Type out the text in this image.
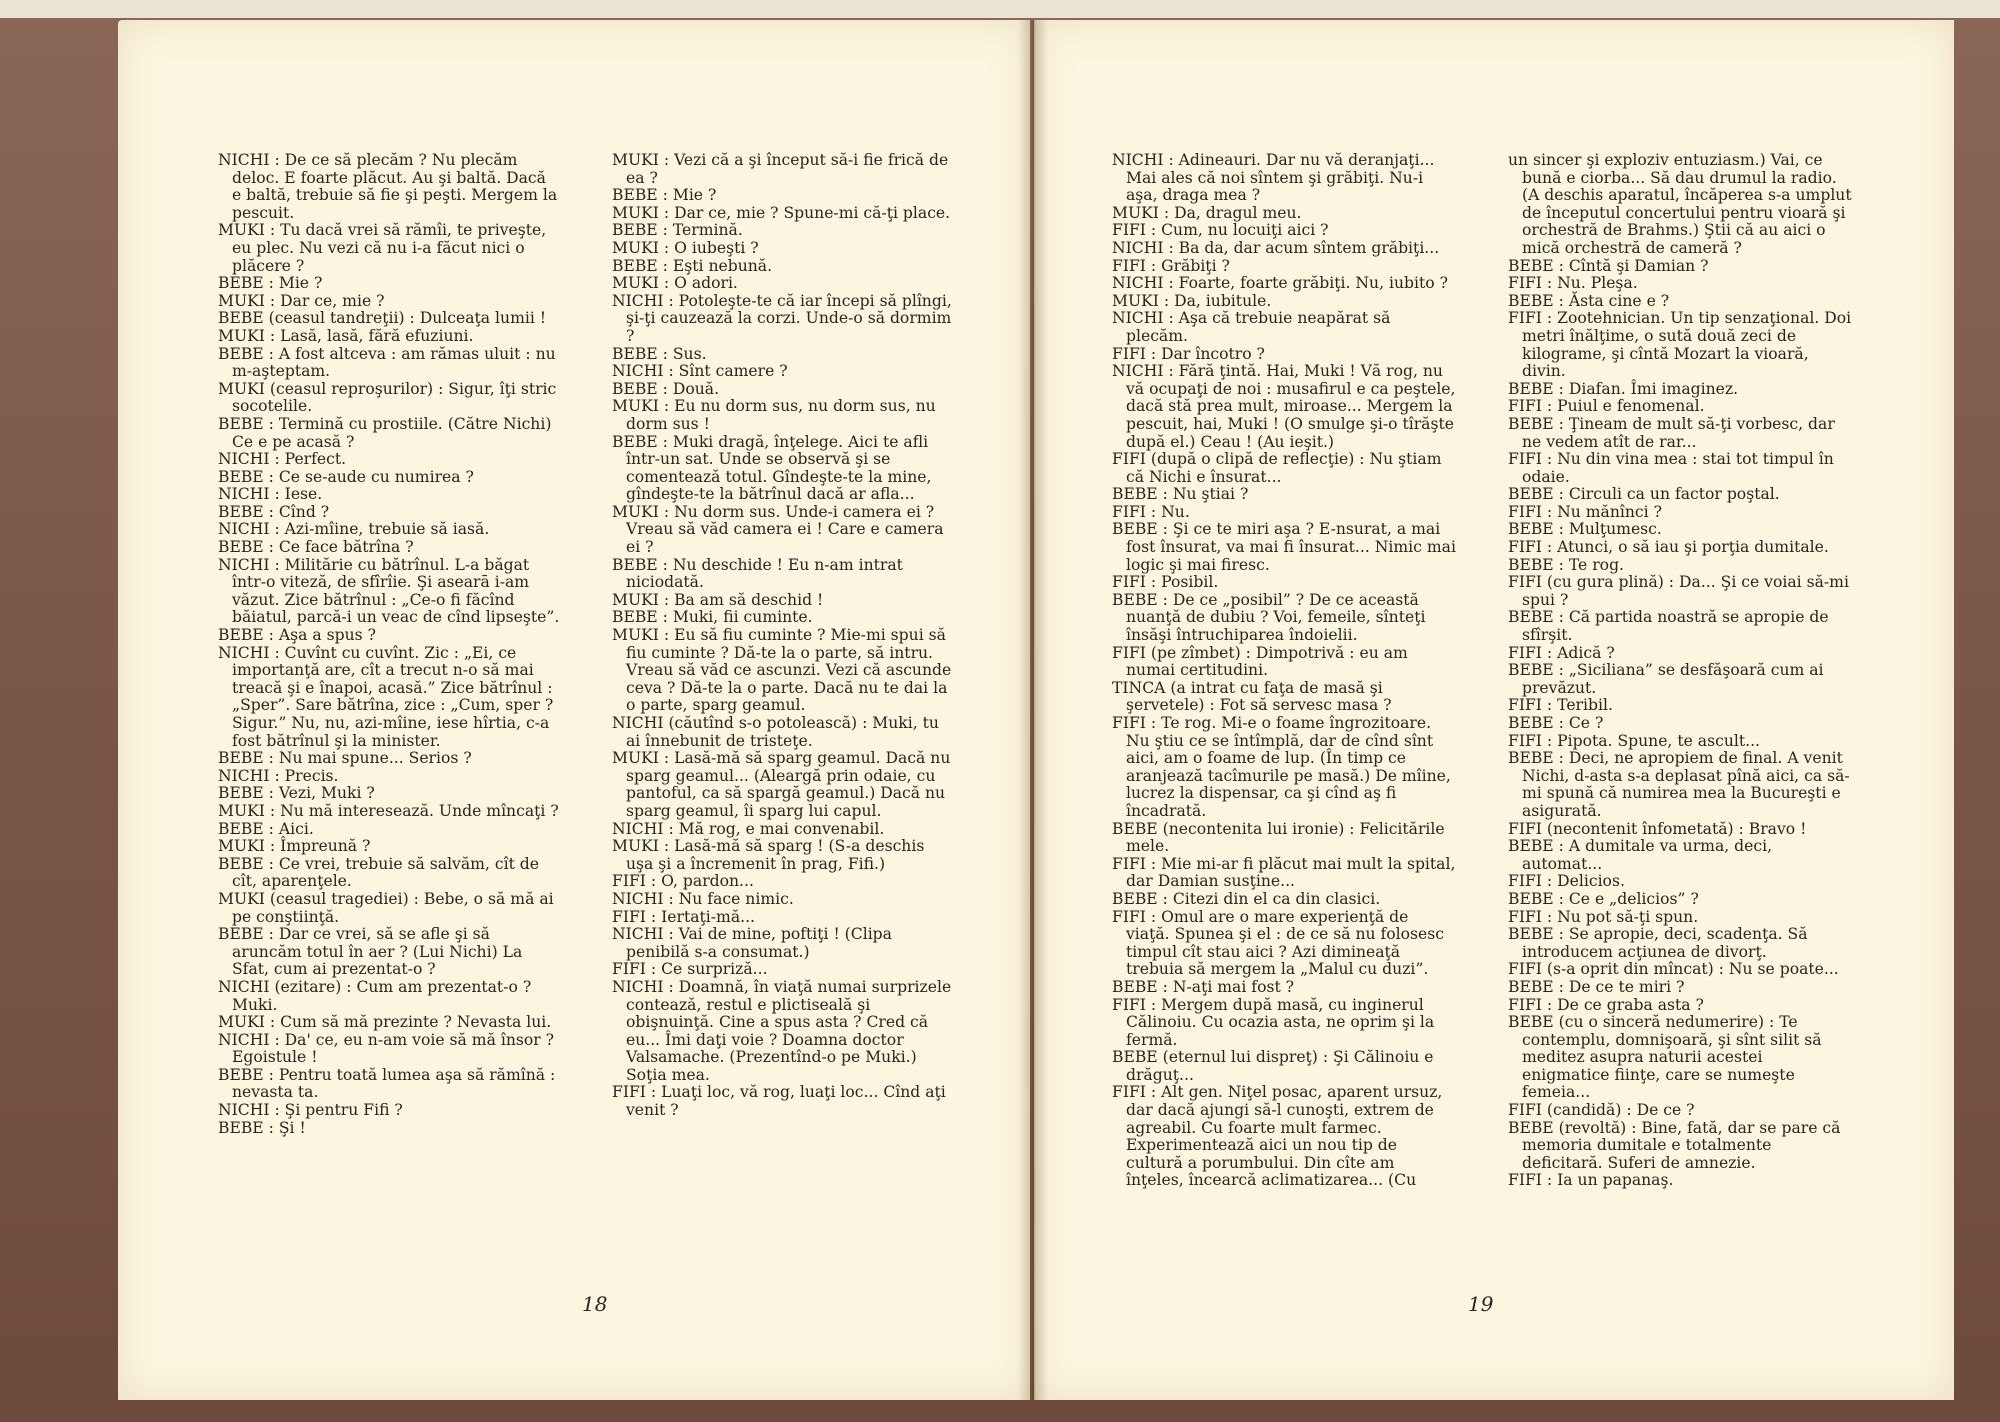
NICHI : De ce să plecăm ? Nu plecăm deloc. E foarte plăcut. Au şi baltă. Dacă e baltă, trebuie să fie şi peşti. Mergem la pescuit.

MUKI : Tu dacă vrei să rămîi, te priveşte, eu plec. Nu vezi că nu i-a făcut nici o plăcere ?

BEBE : Mie ?

MUKI : Dar ce, mie ?

BEBE (ceasul tandreţii) : Dulceaţa lumii !

MUKI : Lasă, lasă, fără efuziuni.

BEBE : A fost altceva : am rămas uluit : nu m-aşteptam.

MUKI (ceasul reproşurilor) : Sigur, îţi stric socotelile.

BEBE : Termină cu prostiile. (Către Nichi) Ce e pe acasă ?

NICHI : Perfect.

BEBE : Ce se-aude cu numirea ?

NICHI : Iese.

BEBE : Cînd ?

NICHI : Azi-mîine, trebuie să iasă.

BEBE : Ce face bătrîna ?

NICHI : Militărie cu bătrînul. L-a băgat într-o viteză, de sfîrîie. Şi asearā i-am văzut. Zice bătrînul : „Ce-o fi făcînd băiatul, parcă-i un veac de cînd lipseşte”.

BEBE : Aşa a spus ?

NICHI : Cuvînt cu cuvînt. Zic : „Ei, ce importanţă are, cît a trecut n-o să mai treacă şi e înapoi, acasă.” Zice bătrînul : „Sper”. Sare bătrîna, zice : „Cum, sper ? Sigur.” Nu, nu, azi-mîine, iese hîrtia, c-a fost bătrînul şi la minister.

BEBE : Nu mai spune... Serios ?

NICHI : Precis.

BEBE : Vezi, Muki ?

MUKI : Nu mă interesează. Unde mîncaţi ?

BEBE : Aici.

MUKI : Împreună ?

BEBE : Ce vrei, trebuie să salvăm, cît de cît, aparenţele.

MUKI (ceasul tragediei) : Bebe, o să mă ai pe conştiinţă.

BEBE : Dar ce vrei, să se afle şi să aruncăm totul în aer ? (Lui Nichi) La Sfat, cum ai prezentat-o ?

NICHI (ezitare) : Cum am prezentat-o ? Muki.

MUKI : Cum să mă prezinte ? Nevasta lui.

NICHI : Da' ce, eu n-am voie să mă însor ? Egoistule !

BEBE : Pentru toată lumea aşa să rămînă : nevasta ta.

NICHI : Şi pentru Fifi ?

BEBE : Şi !

MUKI : Vezi că a şi început să-i fie frică de ea ?

BEBE : Mie ?

MUKI : Dar ce, mie ? Spune-mi că-ţi place.

BEBE : Termină.

MUKI : O iubeşti ?

BEBE : Eşti nebună.

MUKI : O adori.

NICHI : Potoleşte-te că iar începi să plîngi, şi-ţi cauzează la corzi. Unde-o să dormim ?

BEBE : Sus.

NICHI : Sînt camere ?

BEBE : Două.

MUKI : Eu nu dorm sus, nu dorm sus, nu dorm sus !

BEBE : Muki dragă, înţelege. Aici te afli într-un sat. Unde se observă şi se comentează totul. Gîndeşte-te la mine, gîndeşte-te la bătrînul dacă ar afla...

MUKI : Nu dorm sus. Unde-i camera ei ? Vreau să văd camera ei ! Care e camera ei ?

BEBE : Nu deschide ! Eu n-am intrat niciodată.

MUKI : Ba am să deschid !

BEBE : Muki, fii cuminte.

MUKI : Eu să fiu cuminte ? Mie-mi spui să fiu cuminte ? Dă-te la o parte, să intru. Vreau să văd ce ascunzi. Vezi că ascunde ceva ? Dă-te la o parte. Dacă nu te dai la o parte, sparg geamul.

NICHI (căutînd s-o potolească) : Muki, tu ai înnebunit de tristeţe.

MUKI : Lasă-mă să sparg geamul. Dacă nu sparg geamul... (Aleargă prin odaie, cu pantoful, ca să spargă geamul.) Dacă nu sparg geamul, îi sparg lui capul.

NICHI : Mă rog, e mai convenabil.

MUKI : Lasă-mă să sparg ! (S-a deschis uşa şi a încremenit în prag, Fifi.)

FIFI : O, pardon...

NICHI : Nu face nimic.

FIFI : Iertaţi-mă...

NICHI : Vai de mine, poftiţi ! (Clipa penibilă s-a consumat.)

FIFI : Ce surpriză...

NICHI : Doamnă, în viaţă numai surprizele contează, restul e plictiseală şi obişnuinţă. Cine a spus asta ? Cred că eu... Îmi daţi voie ? Doamna doctor Valsamache. (Prezentînd-o pe Muki.) Soţia mea.

FIFI : Luaţi loc, vă rog, luaţi loc... Cînd aţi venit ?

NICHI : Adineauri. Dar nu vă deranjaţi... Mai ales că noi sîntem şi grăbiţi. Nu-i aşa, draga mea ?

MUKI : Da, dragul meu.

FIFI : Cum, nu locuiţi aici ?

NICHI : Ba da, dar acum sîntem grăbiţi...

FIFI : Grăbiţi ?

NICHI : Foarte, foarte grăbiţi. Nu, iubito ?

MUKI : Da, iubitule.

NICHI : Aşa că trebuie neapărat să plecăm.

FIFI : Dar încotro ?

NICHI : Fără ţintă. Hai, Muki ! Vă rog, nu vă ocupaţi de noi : musafirul e ca peştele, dacă stă prea mult, miroase... Mergem la pescuit, hai, Muki ! (O smulge şi-o tîrăşte după el.) Ceau ! (Au ieşit.)

FIFI (după o clipă de reflecţie) : Nu ştiam că Nichi e însurat...

BEBE : Nu ştiai ?

FIFI : Nu.

BEBE : Şi ce te miri aşa ? E-nsurat, a mai fost însurat, va mai fi însurat... Nimic mai logic şi mai firesc.

FIFI : Posibil.

BEBE : De ce „posibil” ? De ce această nuanţă de dubiu ? Voi, femeile, sînteţi însăşi întruchiparea îndoielii.

FIFI (pe zîmbet) : Dimpotrivă : eu am numai certitudini.

TINCA (a intrat cu faţa de masă şi şervetele) : Fot să servesc masa ?

FIFI : Te rog. Mi-e o foame îngrozitoare. Nu ştiu ce se întîmplă, dar de cînd sînt aici, am o foame de lup. (În timp ce aranjează tacîmurile pe masă.) De mîine, lucrez la dispensar, ca şi cînd aş fi încadrată.

BEBE (necontenita lui ironie) : Felicitările mele.

FIFI : Mie mi-ar fi plăcut mai mult la spital, dar Damian susţine...

BEBE : Citezi din el ca din clasici.

FIFI : Omul are o mare experienţă de viaţă. Spunea şi el : de ce să nu folosesc timpul cît stau aici ? Azi dimineaţă trebuia să mergem la „Malul cu duzi”.

BEBE : N-aţi mai fost ?

FIFI : Mergem după masă, cu inginerul Călinoiu. Cu ocazia asta, ne oprim şi la fermă.

BEBE (eternul lui dispreţ) : Şi Călinoiu e drăguţ...

FIFI : Alt gen. Niţel posac, aparent ursuz, dar dacă ajungi să-l cunoşti, extrem de agreabil. Cu foarte mult farmec. Experimentează aici un nou tip de cultură a porumbului. Din cîte am înţeles, încearcă aclimatizarea... (Cu

un sincer şi exploziv entuziasm.) Vai, ce bună e ciorba... Să dau drumul la radio. (A deschis aparatul, încăperea s-a umplut de începutul concertului pentru vioară şi orchestră de Brahms.) Ştii că au aici o mică orchestră de cameră ?

BEBE : Cîntă şi Damian ?

FIFI : Nu. Pleşa.

BEBE : Ăsta cine e ?

FIFI : Zootehnician. Un tip senzaţional. Doi metri înălţime, o sută două zeci de kilograme, şi cîntă Mozart la vioară, divin.

BEBE : Diafan. Îmi imaginez.

FIFI : Puiul e fenomenal.

BEBE : Ţineam de mult să-ţi vorbesc, dar ne vedem atît de rar...

FIFI : Nu din vina mea : stai tot timpul în odaie.

BEBE : Circuli ca un factor poştal.

FIFI : Nu mănînci ?

BEBE : Mulţumesc.

FIFI : Atunci, o să iau şi porţia dumitale.

BEBE : Te rog.

FIFI (cu gura plină) : Da... Şi ce voiai să-mi spui ?

BEBE : Că partida noastră se apropie de sfîrşit.

FIFI : Adică ?

BEBE : „Siciliana” se desfăşoară cum ai prevăzut.

FIFI : Teribil.

BEBE : Ce ?

FIFI : Pipota. Spune, te ascult...

BEBE : Deci, ne apropiem de final. A venit Nichi, d-asta s-a deplasat pînă aici, ca să-mi spună că numirea mea la Bucureşti e asigurată.

FIFI (necontenit înfometată) : Bravo !

BEBE : A dumitale va urma, deci, automat...

FIFI : Delicios.

BEBE : Ce e „delicios” ?

FIFI : Nu pot să-ţi spun.

BEBE : Se apropie, deci, scadenţa. Să introducem acţiunea de divorţ.

FIFI (s-a oprit din mîncat) : Nu se poate...

BEBE : De ce te miri ?

FIFI : De ce graba asta ?

BEBE (cu o sinceră nedumerire) : Te contemplu, domnişoară, şi sînt silit să meditez asupra naturii acestei enigmatice fiinţe, care se numeşte femeia...

FIFI (candidă) : De ce ?

BEBE (revoltă) : Bine, fată, dar se pare că memoria dumitale e totalmente deficitară. Suferi de amnezie.

FIFI : Ia un papanaş.

18	19
